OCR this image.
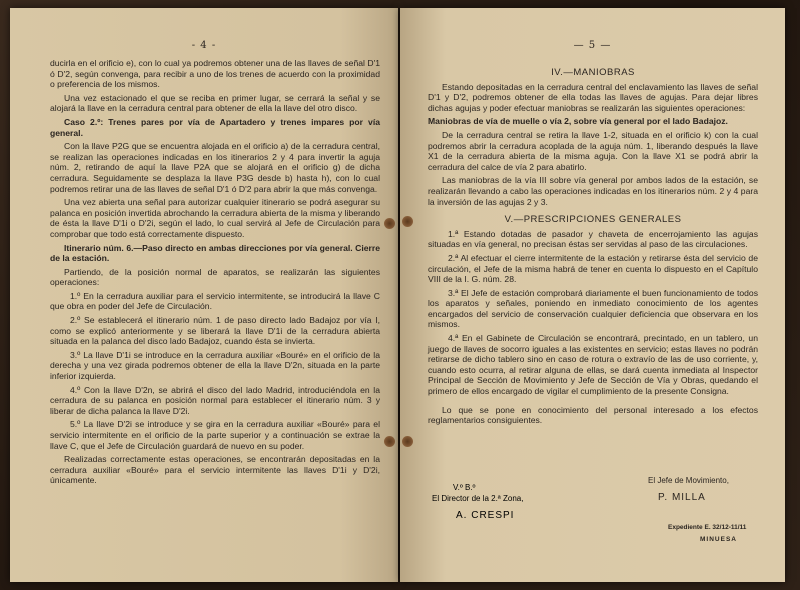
- 4 -

ducirla en el orificio e), con lo cual ya podremos obtener una de las llaves de señal D'1 ó D'2, según convenga, para recibir a uno de los trenes de acuerdo con la proximidad o preferencia de los mismos.

Una vez estacionado el que se reciba en primer lugar, se cerrará la señal y se alojará la llave en la cerradura central para obtener de ella la llave del otro disco.

Caso 2.º: Trenes pares por vía de Apartadero y trenes impares por vía general.

Con la llave P2G que se encuentra alojada en el orificio a) de la cerradura central, se realizan las operaciones indicadas en los itinerarios 2 y 4 para invertir la aguja núm. 2, retirando de aquí la llave P2A que se alojará en el orificio g) de dicha cerradura. Seguidamente se desplaza la llave P3G desde b) hasta h), con lo cual podremos retirar una de las llaves de señal D'1 ó D'2 para abrir la que más convenga.

Una vez abierta una señal para autorizar cualquier itinerario se podrá asegurar su palanca en posición invertida abrochando la cerradura abierta de la misma y liberando de ésta la llave D'1i o D'2i, según el lado, lo cual servirá al Jefe de Circulación para comprobar que todo está correctamente dispuesto.

Itinerario núm. 6.—Paso directo en ambas direcciones por vía general. Cierre de la estación.

Partiendo, de la posición normal de aparatos, se realizarán las siguientes operaciones:

1.º En la cerradura auxiliar para el servicio intermitente, se introducirá la llave C que obra en poder del Jefe de Circulación.

2.º Se establecerá el itinerario núm. 1 de paso directo lado Badajoz por vía I, como se explicó anteriormente y se liberará la llave D'1i de la cerradura abierta situada en la palanca del disco lado Badajoz, cuando ésta se invierta.

3.º La llave D'1i se introduce en la cerradura auxiliar «Bouré» en el orificio de la derecha y una vez girada podremos obtener de ella la llave D'2n, situada en la parte inferior izquierda.

4.º Con la llave D'2n, se abrirá el disco del lado Madrid, introduciéndola en la cerradura de su palanca en posición normal para establecer el itinerario núm. 3 y liberar de dicha palanca la llave D'2i.

5.º La llave D'2i se introduce y se gira en la cerradura auxiliar «Bouré» para el servicio intermitente en el orificio de la parte superior y a continuación se extrae la llave C, que el Jefe de Circulación guardará de nuevo en su poder.

Realizadas correctamente estas operaciones, se encontrarán depositadas en la cerradura auxiliar «Bouré» para el servicio intermitente las llaves D'1i y D'2i, únicamente.

— 5 —

IV.—MANIOBRAS

Estando depositadas en la cerradura central del enclavamiento las llaves de señal D'1 y D'2, podremos obtener de ella todas las llaves de agujas. Para dejar libres dichas agujas y poder efectuar maniobras se realizarán las siguientes operaciones:

Maniobras de vía de muelle o vía 2, sobre vía general por el lado Badajoz.

De la cerradura central se retira la llave 1-2, situada en el orificio k) con la cual podremos abrir la cerradura acoplada de la aguja núm. 1, liberando después la llave X1 de la cerradura abierta de la misma aguja. Con la llave X1 se podrá abrir la cerradura del calce de vía 2 para abatirlo.

Las maniobras de la vía III sobre vía general por ambos lados de la estación, se realizarán llevando a cabo las operaciones indicadas en los itinerarios núm. 2 y 4 para la inversión de las agujas 2 y 3.

V.—PRESCRIPCIONES GENERALES

1.ª Estando dotadas de pasador y chaveta de encerrojamiento las agujas situadas en vía general, no precisan éstas ser servidas al paso de las circulaciones.

2.ª Al efectuar el cierre intermitente de la estación y retirarse ésta del servicio de circulación, el Jefe de la misma habrá de tener en cuenta lo dispuesto en el Capítulo VIII de la I. G. núm. 28.

3.ª El Jefe de estación comprobará diariamente el buen funcionamiento de todos los aparatos y señales, poniendo en inmediato conocimiento de los agentes encargados del servicio de conservación cualquier deficiencia que observara en los mismos.

4.ª En el Gabinete de Circulación se encontrará, precintado, en un tablero, un juego de llaves de socorro iguales a las existentes en servicio; estas llaves no podrán retirarse de dicho tablero sino en caso de rotura o extravío de las de uso corriente, y, cuando esto ocurra, al retirar alguna de ellas, se dará cuenta inmediata al Inspector Principal de Sección de Movimiento y Jefe de Sección de Vía y Obras, quedando el primero de ellos encargado de vigilar el cumplimiento de la presente Consigna.

Lo que se pone en conocimiento del personal interesado a los efectos reglamentarios consiguientes.

El Jefe de Movimiento,
P. MILLA
Expediente E. 32/12-11/11
MINUESA
V.º B.º
El Director de la 2.ª Zona,
A. CRESPI
